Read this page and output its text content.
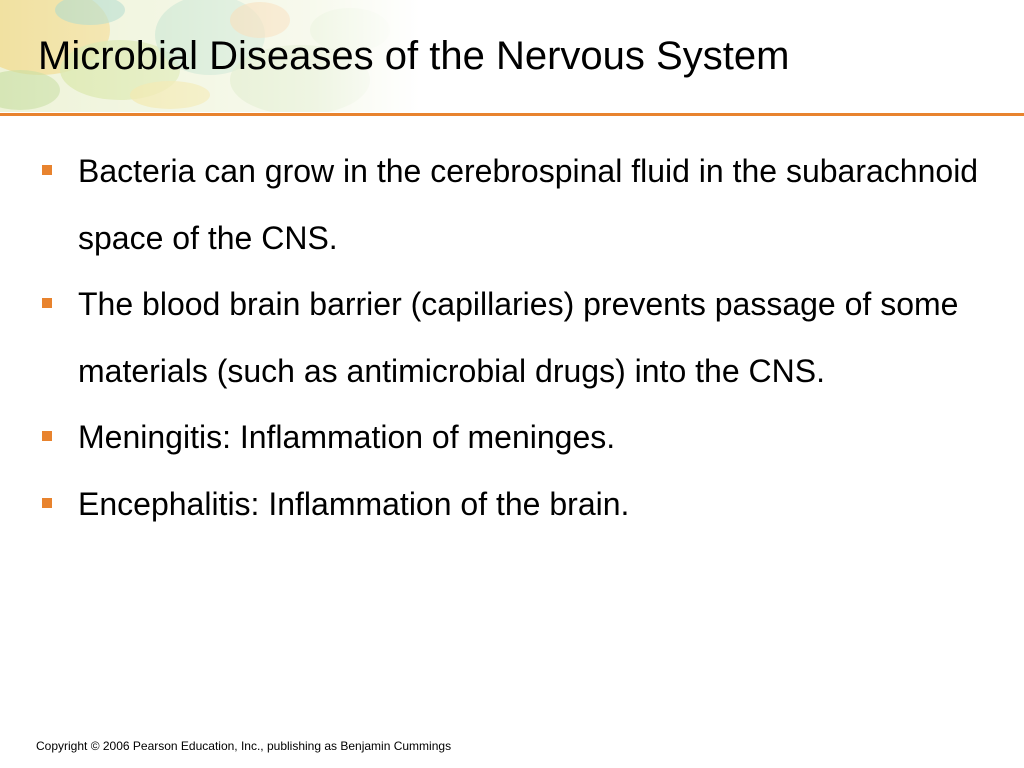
Microbial Diseases of the Nervous System
Bacteria can grow in the cerebrospinal fluid in the subarachnoid space of the CNS.
The blood brain barrier (capillaries) prevents passage of some materials (such as antimicrobial drugs) into the CNS.
Meningitis: Inflammation of meninges.
Encephalitis: Inflammation of the brain.
Copyright © 2006 Pearson Education, Inc., publishing as Benjamin Cummings
